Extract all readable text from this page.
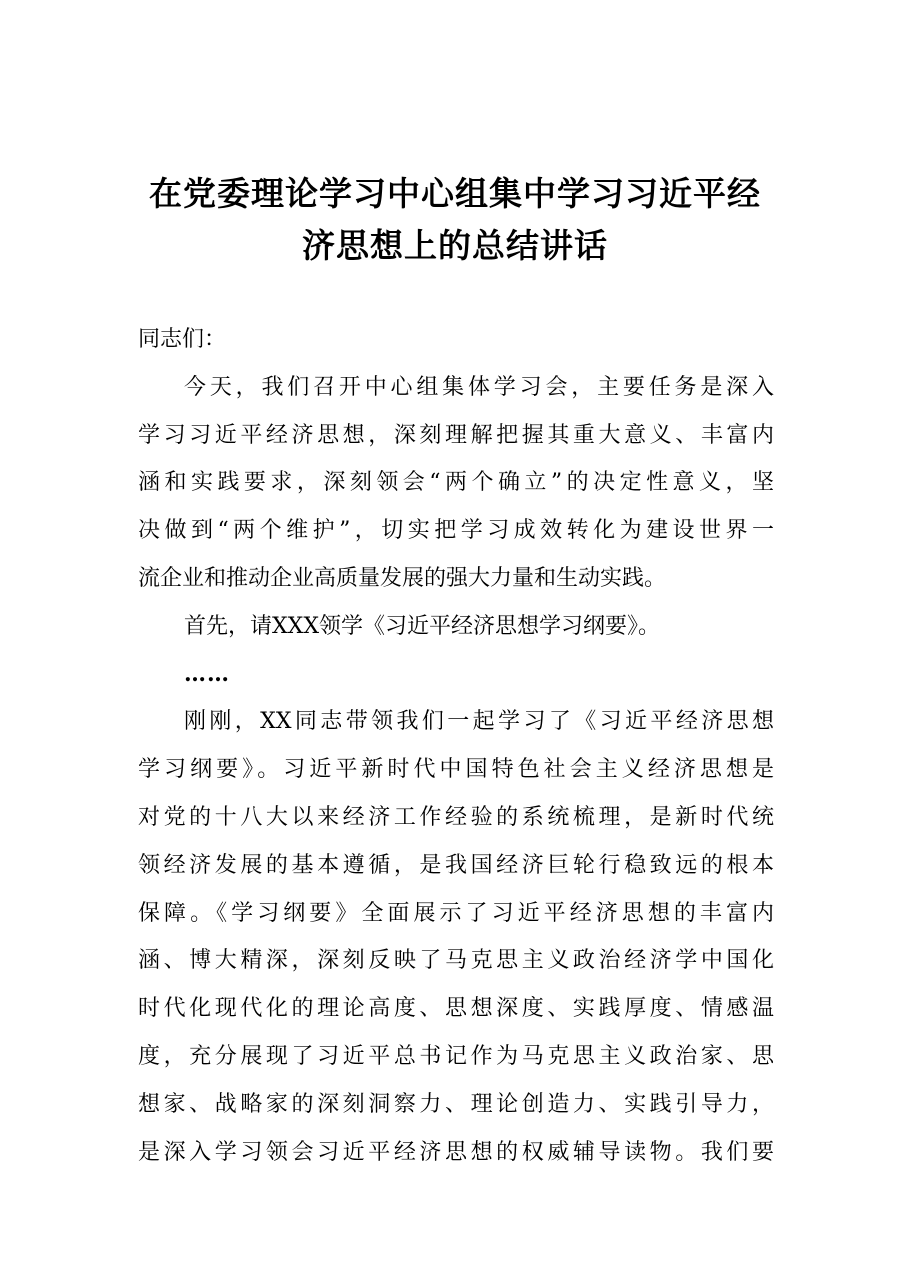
在党委理论学习中心组集中学习习近平经
济思想上的总结讲话
同志们：
今天，我们召开中心组集体学习会，主要任务是深入
学习习近平经济思想，深刻理解把握其重大意义、丰富内
涵和实践要求，深刻领会“两个确立”的决定性意义，坚
决做到“两个维护”，切实把学习成效转化为建设世界一
流企业和推动企业高质量发展的强大力量和生动实践。
首先，请XXX领学《习近平经济思想学习纲要》。
……
刚刚，XX同志带领我们一起学习了《习近平经济思想
学习纲要》。习近平新时代中国特色社会主义经济思想是
对党的十八大以来经济工作经验的系统梳理，是新时代统
领经济发展的基本遵循，是我国经济巨轮行稳致远的根本
保障。《学习纲要》全面展示了习近平经济思想的丰富内
涵、博大精深，深刻反映了马克思主义政治经济学中国化
时代化现代化的理论高度、思想深度、实践厚度、情感温
度，充分展现了习近平总书记作为马克思主义政治家、思
想家、战略家的深刻洞察力、理论创造力、实践引导力，
是深入学习领会习近平经济思想的权威辅导读物。我们要
